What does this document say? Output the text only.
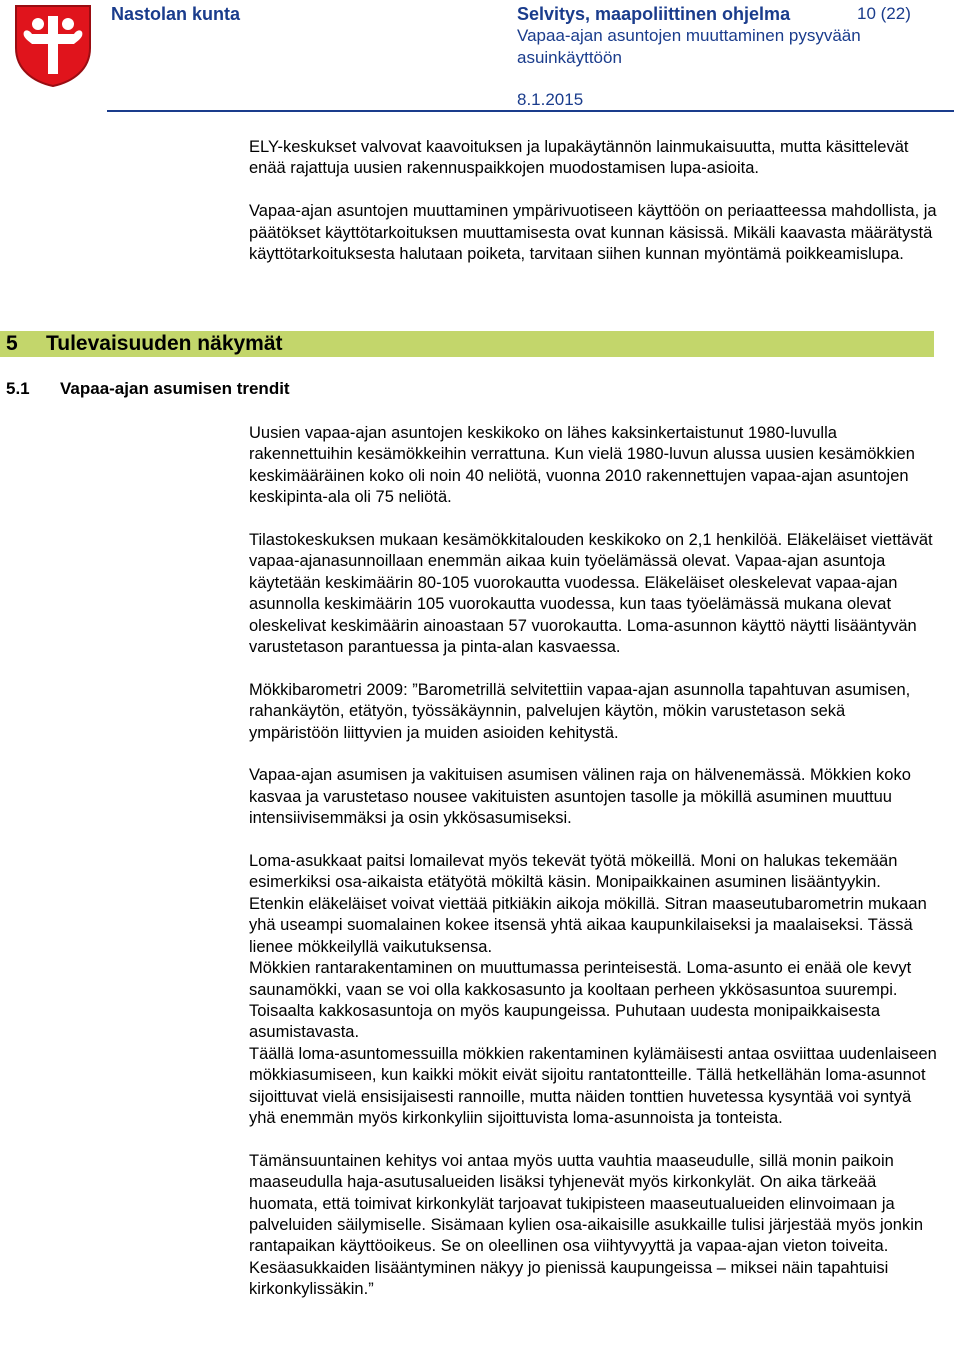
Nastolan kunta	Selvitys, maapoliittinen ohjelma	10 (22)
Vapaa-ajan asuntojen muuttaminen pysyvään asuinkäyttöön
8.1.2015

ELY-keskukset valvovat kaavoituksen ja lupakäytännön lainmukaisuutta, mutta käsittelevät enää rajattuja uusien rakennuspaikkojen muodostamisen lupa-asioita.

Vapaa-ajan asuntojen muuttaminen ympärivuotiseen käyttöön on periaatteessa mahdollista, ja päätökset käyttötarkoituksen muuttamisesta ovat kunnan käsissä. Mikäli kaavasta määrätystä käyttötarkoituksesta halutaan poiketa, tarvitaan siihen kunnan myöntämä poikkeamislupa.

5 Tulevaisuuden näkymät
5.1 Vapaa-ajan asumisen trendit

Uusien vapaa-ajan asuntojen keskikoko on lähes kaksinkertaistunut 1980-luvulla rakennettuihin kesämökkeihin verrattuna. Kun vielä 1980-luvun alussa uusien kesämökkien keskimääräinen koko oli noin 40 neliötä, vuonna 2010 rakennettujen vapaa-ajan asuntojen keskipinta-ala oli 75 neliötä.

Tilastokeskuksen mukaan kesämökkitalouden keskikoko on 2,1 henkilöä. Eläkeläiset viettävät vapaa-ajanasunnoillaan enemmän aikaa kuin työelämässä olevat. Vapaa-ajan asuntoja käytetään keskimäärin 80-105 vuorokautta vuodessa. Eläkeläiset oleskelevat vapaa-ajan asunnolla keskimäärin 105 vuorokautta vuodessa, kun taas työelämässä mukana olevat oleskelivat keskimäärin ainoastaan 57 vuorokautta. Loma-asunnon käyttö näytti lisääntyvän varustetason parantuessa ja pinta-alan kasvaessa.

Mökkibarometri 2009: ”Barometrillä selvitettiin vapaa-ajan asunnolla tapahtuvan asumisen, rahankäytön, etätyön, työssäkäynnin, palvelujen käytön, mökin varustetason sekä ympäristöön liittyvien ja muiden asioiden kehitystä.

Vapaa-ajan asumisen ja vakituisen asumisen välinen raja on hälvenemässä. Mökkien koko kasvaa ja varustetaso nousee vakituisten asuntojen tasolle ja mökillä asuminen muuttuu intensiivisemmäksi ja osin ykkösasumiseksi.

Loma-asukkaat paitsi lomailevat myös tekevät työtä mökeillä. Moni on halukas tekemään esimerkiksi osa-aikaista etätyötä mökiltä käsin. Monipaikkainen asuminen lisääntyykin. Etenkin eläkeläiset voivat viettää pitkiäkin aikoja mökillä. Sitran maaseutubarometrin mukaan yhä useampi suomalainen kokee itsensä yhtä aikaa kaupunkilaiseksi ja maalaiseksi. Tässä lienee mökkeilyllä vaikutuksensa.

Mökkien rantarakentaminen on muuttumassa perinteisestä. Loma-asunto ei enää ole kevyt saunamökki, vaan se voi olla kakkosasunto ja kooltaan perheen ykkösasuntoa suurempi. Toisaalta kakkosasuntoja on myös kaupungeissa. Puhutaan uudesta monipaikkaisesta asumistavasta.

Täällä loma-asuntomessuilla mökkien rakentaminen kylämäisesti antaa osviittaa uudenlaiseen mökkiasumiseen, kun kaikki mökit eivät sijoitu rantatontteille. Tällä hetkellähän loma-asunnot sijoittuvat vielä ensisijaisesti rannoille, mutta näiden tonttien huvetessa kysyntää voi syntyä yhä enemmän myös kirkonkyliin sijoittuvista loma-asunnoista ja tonteista.

Tämänsuuntainen kehitys voi antaa myös uutta vauhtia maaseudulle, sillä monin paikoin maaseudulla haja-asutusalueiden lisäksi tyhjenevät myös kirkonkylät. On aika tärkeää huomata, että toimivat kirkonkylät tarjoavat tukipisteen maaseutualueiden elinvoimaan ja palveluiden säilymiselle. Sisämaan kylien osa-aikaisille asukkaille tulisi järjestää myös jonkin rantapaikan käyttöoikeus. Se on oleellinen osa viihtyvyyttä ja vapaa-ajan vieton toiveita. Kesäasukkaiden lisääntyminen näkyy jo pienissä kaupungeissa – miksei näin tapahtuisi kirkonkylissäkin.”
